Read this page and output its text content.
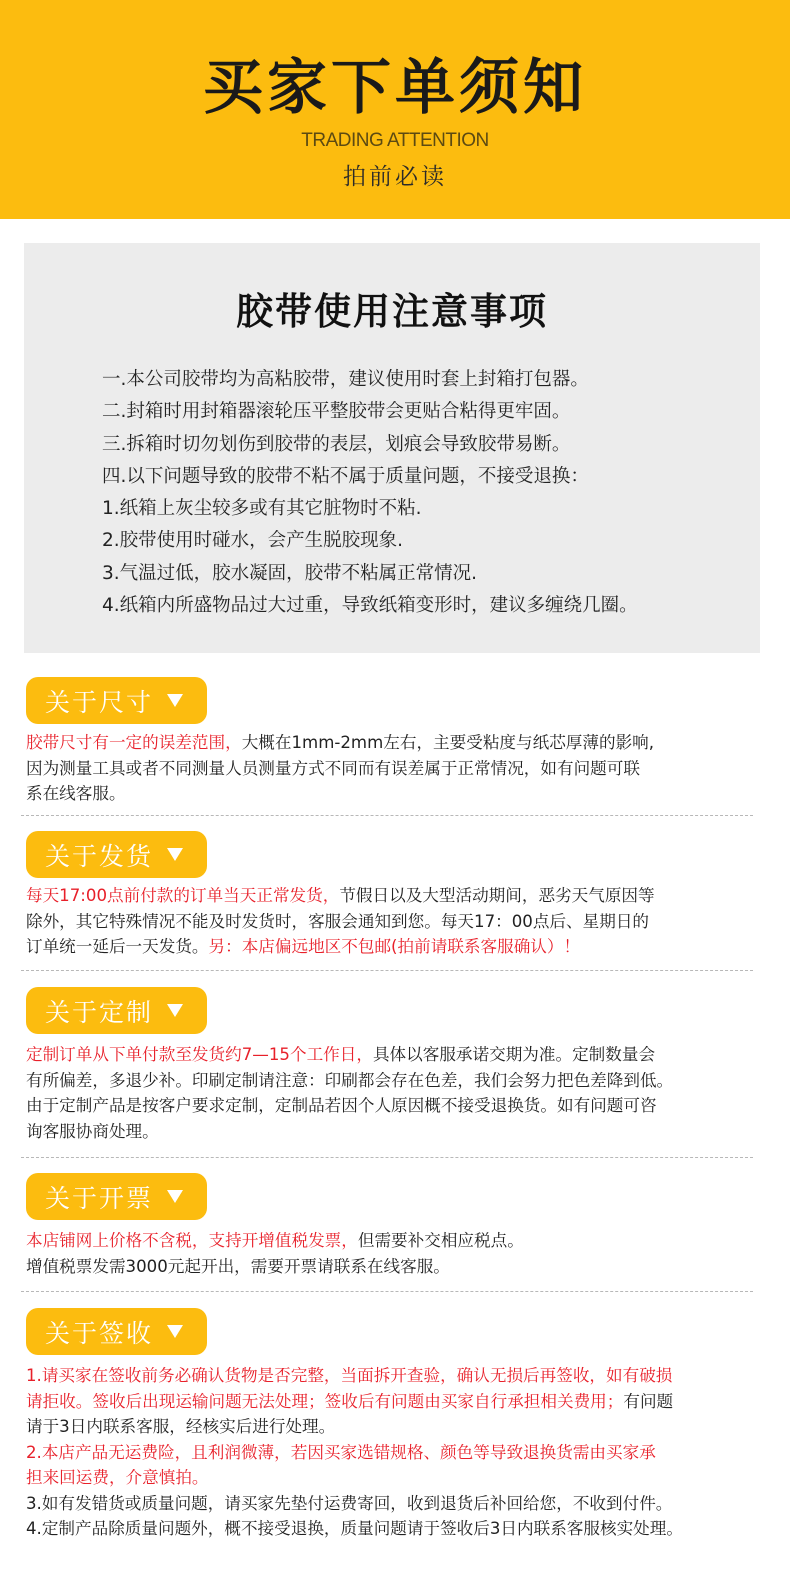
买家下单须知
TRADING ATTENTION
拍前必读
胶带使用注意事项
一.本公司胶带均为高粘胶带，建议使用时套上封箱打包器。
二.封箱时用封箱器滚轮压平整胶带会更贴合粘得更牢固。
三.拆箱时切勿划伤到胶带的表层，划痕会导致胶带易断。
四.以下问题导致的胶带不粘不属于质量问题，不接受退换：
1.纸箱上灰尘较多或有其它脏物时不粘.
2.胶带使用时碰水，会产生脱胶现象.
3.气温过低，胶水凝固，胶带不粘属正常情况.
4.纸箱内所盛物品过大过重，导致纸箱变形时，建议多缠绕几圈。
关于尺寸
胶带尺寸有一定的误差范围，大概在1mm-2mm左右，主要受粘度与纸芯厚薄的影响,
因为测量工具或者不同测量人员测量方式不同而有误差属于正常情况，如有问题可联
系在线客服。
关于发货
每天17:00点前付款的订单当天正常发货，节假日以及大型活动期间，恶劣天气原因等
除外，其它特殊情况不能及时发货时，客服会通知到您。每天17：00点后、星期日的
订单统一延后一天发货。另：本店偏远地区不包邮(拍前请联系客服确认）！
关于定制
定制订单从下单付款至发货约7—15个工作日，具体以客服承诺交期为准。定制数量会
有所偏差，多退少补。印刷定制请注意：印刷都会存在色差，我们会努力把色差降到低。
由于定制产品是按客户要求定制，定制品若因个人原因概不接受退换货。如有问题可咨
询客服协商处理。
关于开票
本店铺网上价格不含税，支持开增值税发票，但需要补交相应税点。
增值税票发需3000元起开出，需要开票请联系在线客服。
关于签收
1.请买家在签收前务必确认货物是否完整，当面拆开查验，确认无损后再签收，如有破损
请拒收。签收后出现运输问题无法处理；签收后有问题由买家自行承担相关费用；有问题
请于3日内联系客服，经核实后进行处理。
2.本店产品无运费险，且利润微薄，若因买家选错规格、颜色等导致退换货需由买家承
担来回运费，介意慎拍。
3.如有发错货或质量问题，请买家先垫付运费寄回，收到退货后补回给您，不收到付件。
4.定制产品除质量问题外，概不接受退换，质量问题请于签收后3日内联系客服核实处理。
